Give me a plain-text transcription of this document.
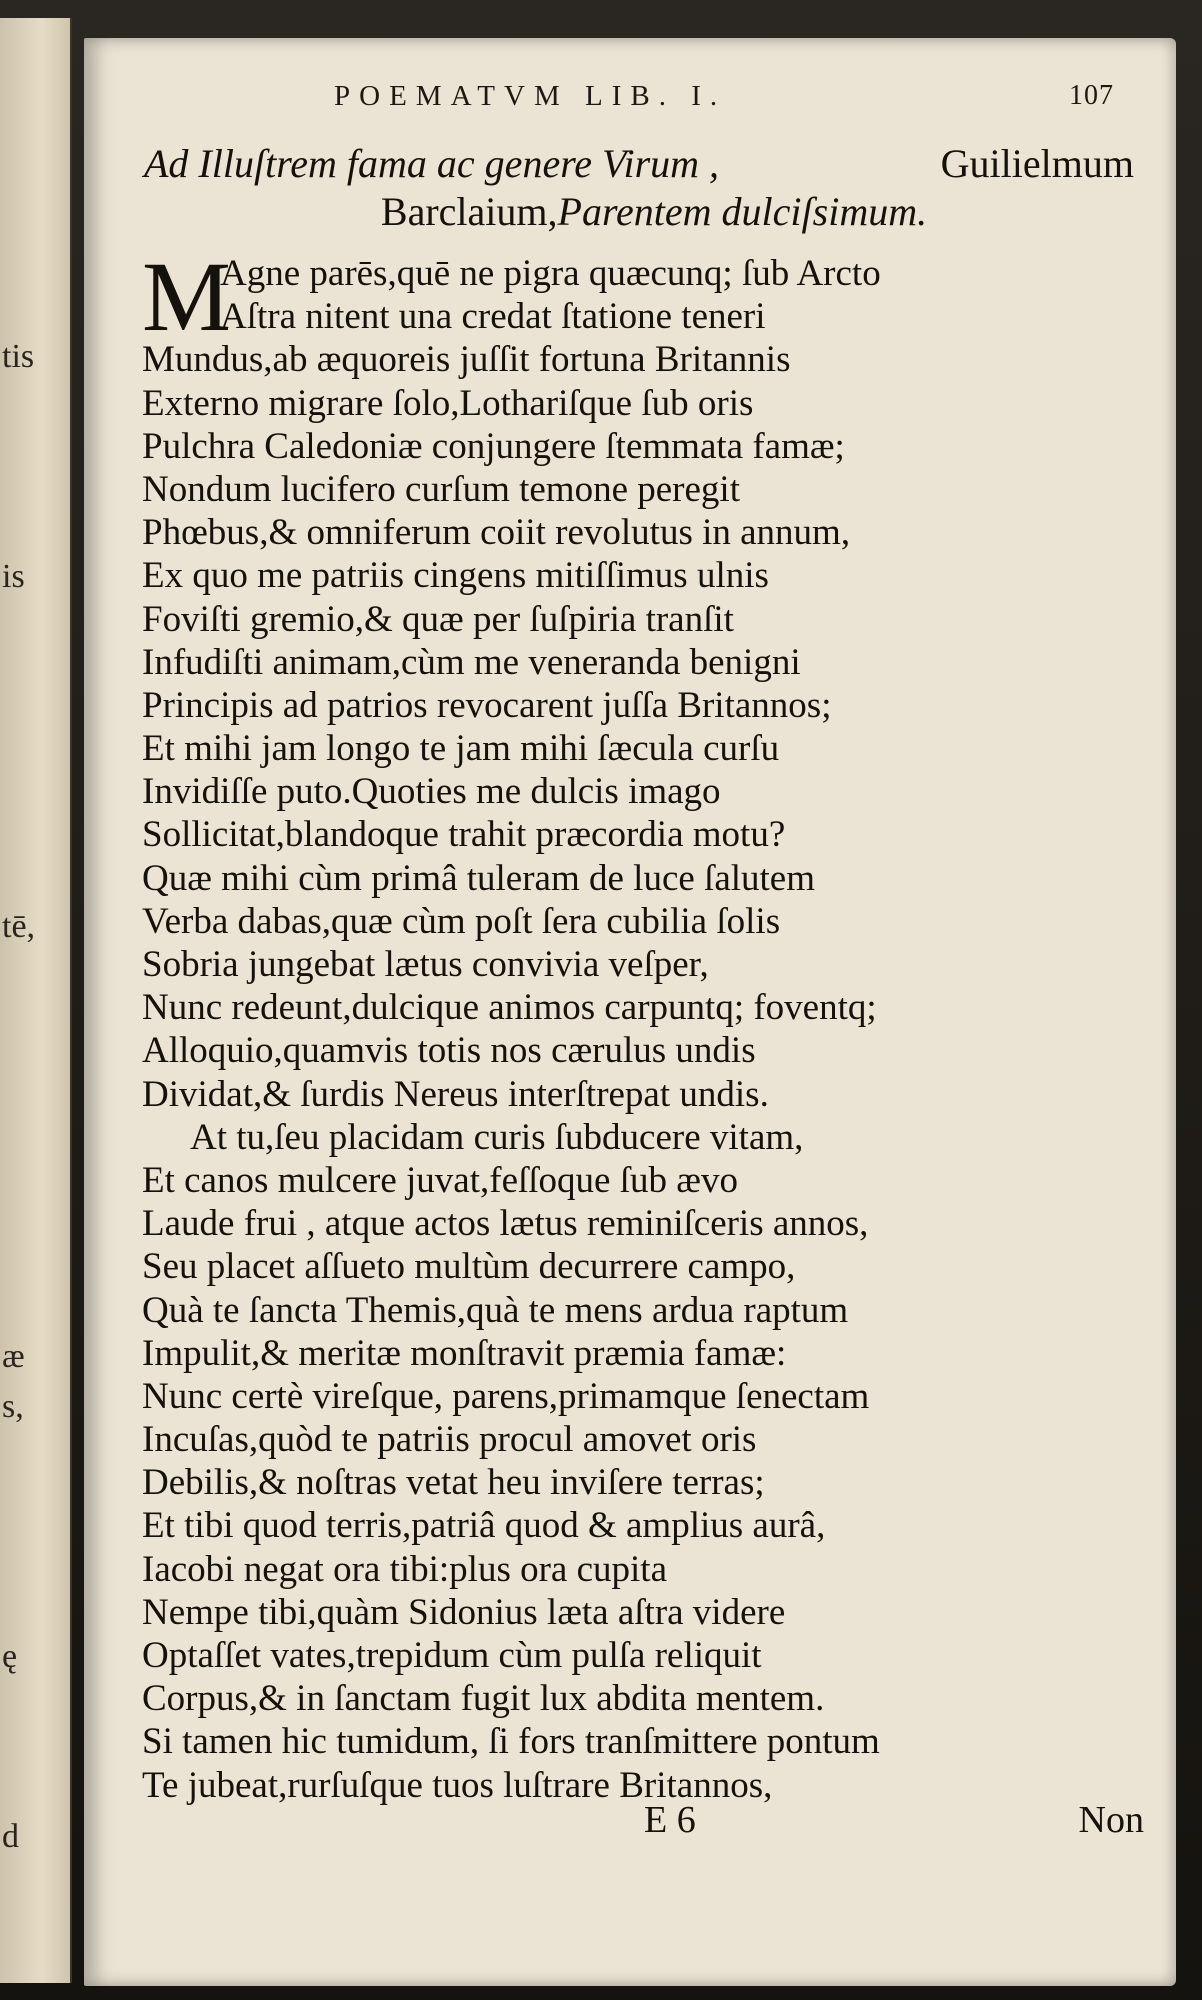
tis
is
tē,
æ
s,
ę
d
POEMATVM LIB. I.	107
Ad Illuſtrem fama ac genere Virum ,	Guilielmum
Barclaium,Parentem dulciſsimum.
M
Agne parēs,quē ne pigra quæcunq; ſub Arcto
Aſtra nitent una credat ſtatione teneri
Mundus,ab æquoreis juſſit fortuna Britannis
Externo migrare ſolo,Lothariſque ſub oris
Pulchra Caledoniæ conjungere ſtemmata famæ;
Nondum lucifero curſum temone peregit
Phœbus,& omniferum coiit revolutus in annum,
Ex quo me patriis cingens mitiſſimus ulnis
Foviſti gremio,& quæ per ſuſpiria tranſit
Infudiſti animam,cùm me veneranda benigni
Principis ad patrios revocarent juſſa Britannos;
Et mihi jam longo te jam mihi ſæcula curſu
Invidiſſe puto.Quoties me dulcis imago
Sollicitat,blandoque trahit præcordia motu?
Quæ mihi cùm primâ tuleram de luce ſalutem
Verba dabas,quæ cùm poſt ſera cubilia ſolis
Sobria jungebat lætus convivia veſper,
Nunc redeunt,dulcique animos carpuntq; foventq;
Alloquio,quamvis totis nos cærulus undis
Dividat,& ſurdis Nereus interſtrepat undis.
At tu,ſeu placidam curis ſubducere vitam,
Et canos mulcere juvat,feſſoque ſub ævo
Laude frui , atque actos lætus reminiſceris annos,
Seu placet aſſueto multùm decurrere campo,
Quà te ſancta Themis,quà te mens ardua raptum
Impulit,& meritæ monſtravit præmia famæ:
Nunc certè vireſque, parens,primamque ſenectam
Incuſas,quòd te patriis procul amovet oris
Debilis,& noſtras vetat heu inviſere terras;
Et tibi quod terris,patriâ quod & amplius aurâ,
Iacobi negat ora tibi:plus ora cupita
Nempe tibi,quàm Sidonius læta aſtra videre
Optaſſet vates,trepidum cùm pulſa reliquit
Corpus,& in ſanctam fugit lux abdita mentem.
Si tamen hic tumidum, ſi fors tranſmittere pontum
Te jubeat,rurſuſque tuos luſtrare Britannos,
E 6	Non
